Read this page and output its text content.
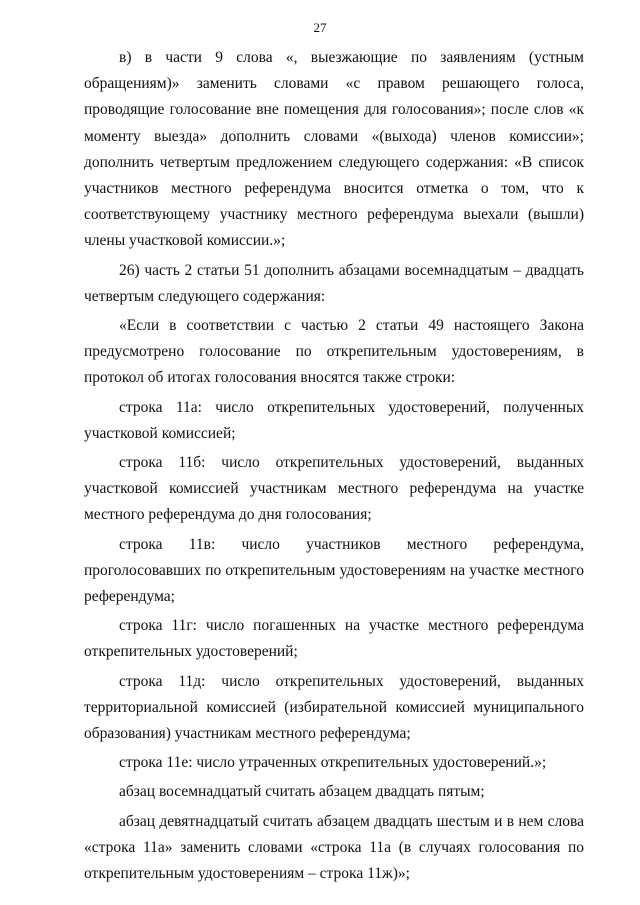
27

в) в части 9 слова «, выезжающие по заявлениям (устным обращениям)» заменить словами «с правом решающего голоса, проводящие голосование вне помещения для голосования»; после слов «к моменту выезда» дополнить словами «(выхода) членов комиссии»; дополнить четвертым предложением следующего содержания: «В список участников местного референдума вносится отметка о том, что к соответствующему участнику местного референдума выехали (вышли) члены участковой комиссии.»;

26) часть 2 статьи 51 дополнить абзацами восемнадцатым – двадцать четвертым следующего содержания:

«Если в соответствии с частью 2 статьи 49 настоящего Закона предусмотрено голосование по открепительным удостоверениям, в протокол об итогах голосования вносятся также строки:

строка 11а: число открепительных удостоверений, полученных участковой комиссией;

строка 11б: число открепительных удостоверений, выданных участковой комиссией участникам местного референдума на участке местного референдума до дня голосования;

строка 11в: число участников местного референдума, проголосовавших по открепительным удостоверениям на участке местного референдума;

строка 11г: число погашенных на участке местного референдума открепительных удостоверений;

строка 11д: число открепительных удостоверений, выданных территориальной комиссией (избирательной комиссией муниципального образования) участникам местного референдума;

строка 11е: число утраченных открепительных удостоверений.»;

абзац восемнадцатый считать абзацем двадцать пятым;

абзац девятнадцатый считать абзацем двадцать шестым и в нем слова «строка 11а» заменить словами «строка 11а (в случаях голосования по открепительным удостоверениям – строка 11ж)»;
